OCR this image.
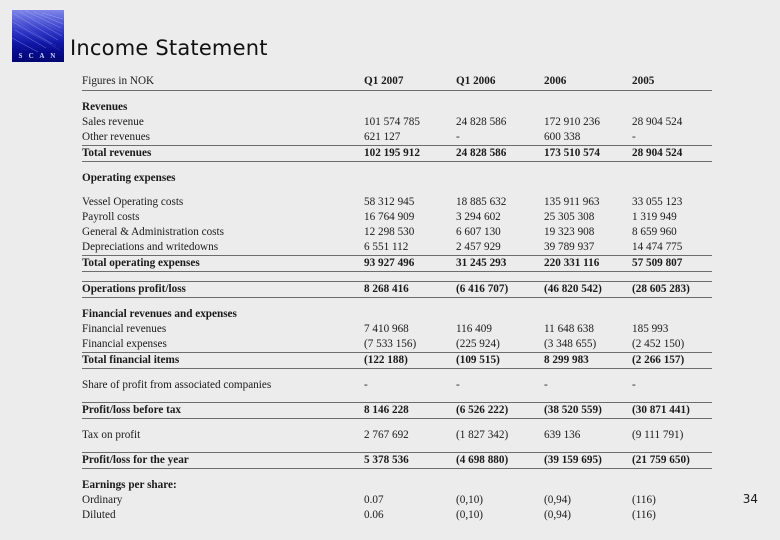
S C A N Income Statement
Figures in NOK	Q1 2007	Q1 2006	2006	2005

Revenues				
Sales revenue	101 574 785	24 828 586	172 910 236	28 904 524
Other revenues	621 127	-	600 338	-
Total revenues	102 195 912	24 828 586	173 510 574	28 904 524

Operating expenses				

Vessel Operating costs	58 312 945	18 885 632	135 911 963	33 055 123
Payroll costs	16 764 909	3 294 602	25 305 308	1 319 949
General & Administration costs	12 298 530	6 607 130	19 323 908	8 659 960
Depreciations and writedowns	6 551 112	2 457 929	39 789 937	14 474 775
Total operating expenses	93 927 496	31 245 293	220 331 116	57 509 807

Operations profit/loss	8 268 416	(6 416 707)	(46 820 542)	(28 605 283)

Financial revenues and expenses				
Financial revenues	7 410 968	116 409	11 648 638	185 993
Financial expenses	(7 533 156)	(225 924)	(3 348 655)	(2 452 150)
Total financial items	(122 188)	(109 515)	8 299 983	(2 266 157)

Share of profit from associated companies	-	-	-	-

Profit/loss before tax	8 146 228	(6 526 222)	(38 520 559)	(30 871 441)

Tax on profit	2 767 692	(1 827 342)	639 136	(9 111 791)

Profit/loss for the year	5 378 536	(4 698 880)	(39 159 695)	(21 759 650)

Earnings per share:				
Ordinary	0.07	(0,10)	(0,94)	(116)
Diluted	0.06	(0,10)	(0,94)	(116)
34
